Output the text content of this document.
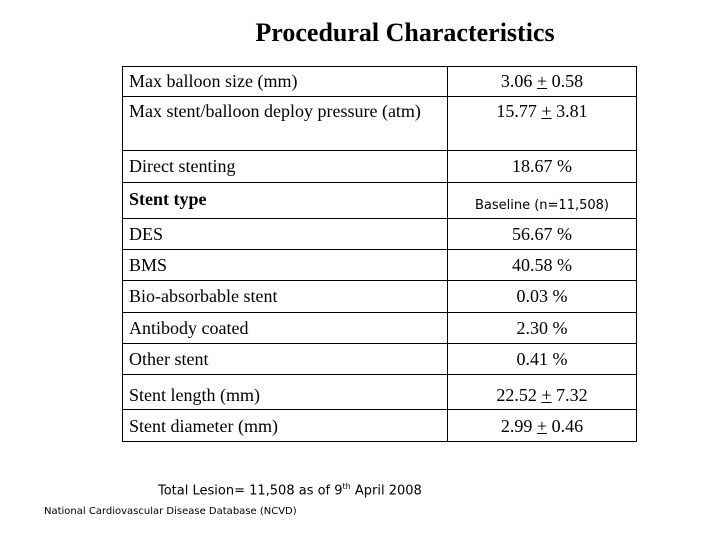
Procedural Characteristics
Max balloon size (mm)	3.06 + 0.58
Max stent/balloon deploy pressure (atm)	15.77 + 3.81
Direct stenting	18.67 %
Stent type	Baseline (n=11,508)
DES	56.67 %
BMS	40.58 %
Bio-absorbable stent	0.03 %
Antibody coated	2.30 %
Other stent	0.41 %
Stent length (mm)	22.52 + 7.32
Stent diameter (mm)	2.99 + 0.46
Total Lesion= 11,508 as of 9th April 2008
National Cardiovascular Disease Database (NCVD)
